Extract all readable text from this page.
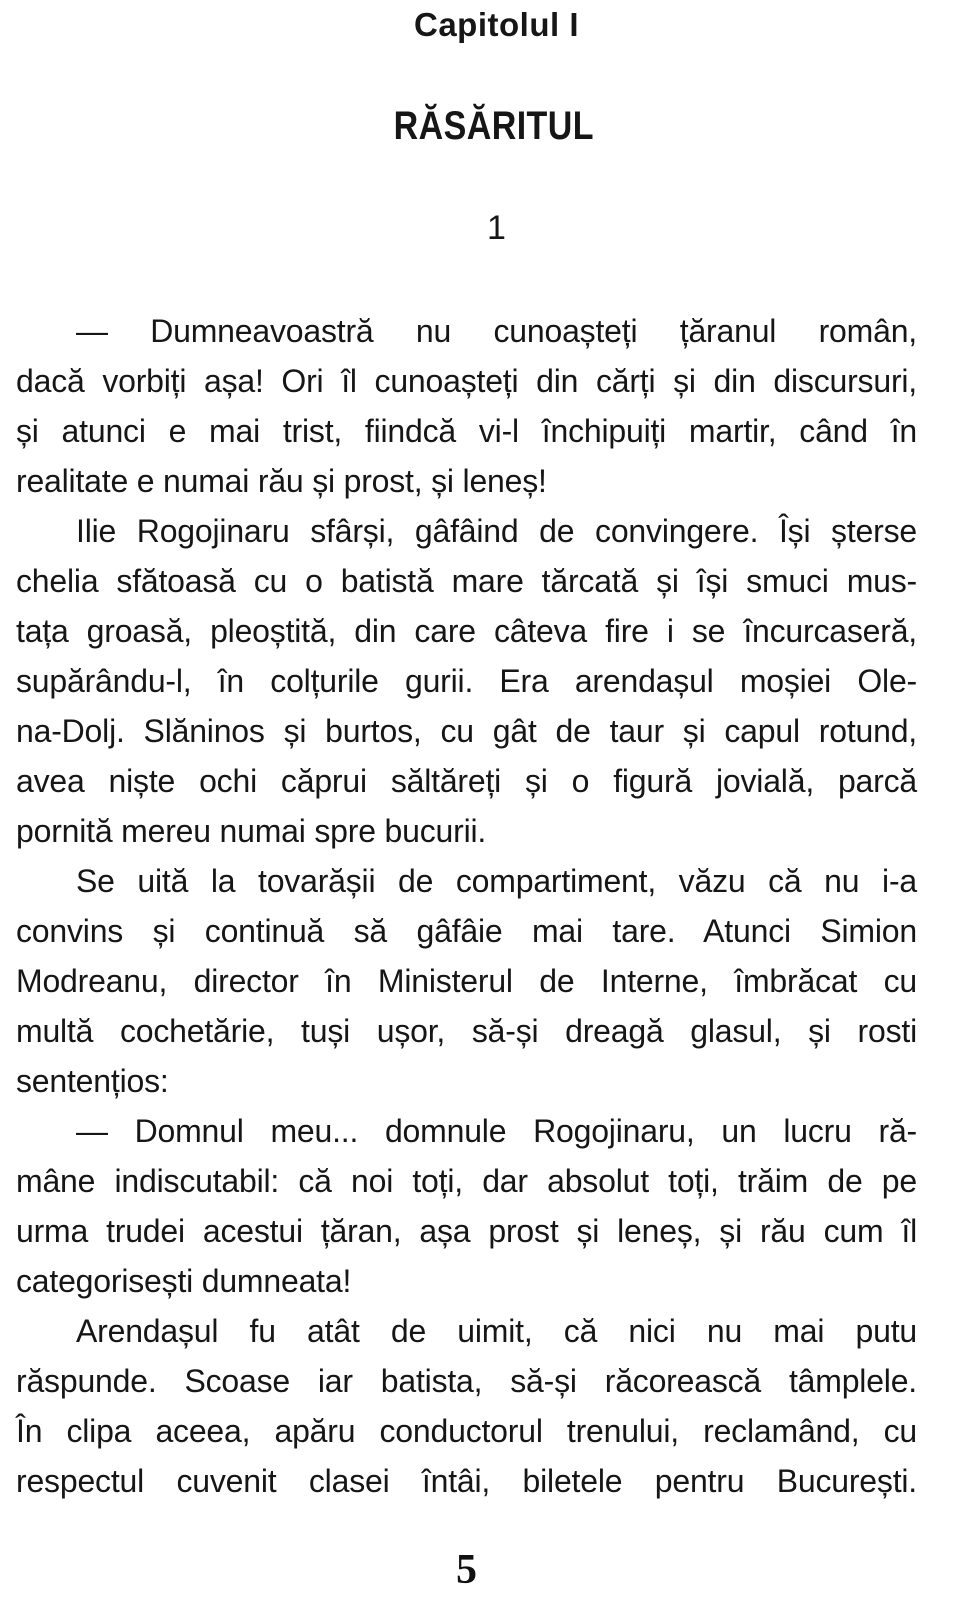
Capitolul I
RĂSĂRITUL
1
— Dumneavoastră nu cunoașteți țăranul român,
dacă vorbiți așa! Ori îl cunoașteți din cărți și din discursuri,
și atunci e mai trist, fiindcă vi-l închipuiți martir, când în
realitate e numai rău și prost, și leneș!
Ilie Rogojinaru sfârși, gâfâind de convingere. Își șterse
chelia sfătoasă cu o batistă mare tărcată și își smuci mus-
tața groasă, pleoștită, din care câteva fire i se încurcaseră,
supărându-l, în colțurile gurii. Era arendașul moșiei Ole-
na-Dolj. Slăninos și burtos, cu gât de taur și capul rotund,
avea niște ochi căprui săltăreți și o figură jovială, parcă
pornită mereu numai spre bucurii.
Se uită la tovarășii de compartiment, văzu că nu i-a
convins și continuă să gâfâie mai tare. Atunci Simion
Modreanu, director în Ministerul de Interne, îmbrăcat cu
multă cochetărie, tuși ușor, să-și dreagă glasul, și rosti
sentențios:
— Domnul meu... domnule Rogojinaru, un lucru ră-
mâne indiscutabil: că noi toți, dar absolut toți, trăim de pe
urma trudei acestui țăran, așa prost și leneș, și rău cum îl
categorisești dumneata!
Arendașul fu atât de uimit, că nici nu mai putu
răspunde. Scoase iar batista, să-și răcorească tâmplele.
În clipa aceea, apăru conductorul trenului, reclamând, cu
respectul cuvenit clasei întâi, biletele pentru București.
5
